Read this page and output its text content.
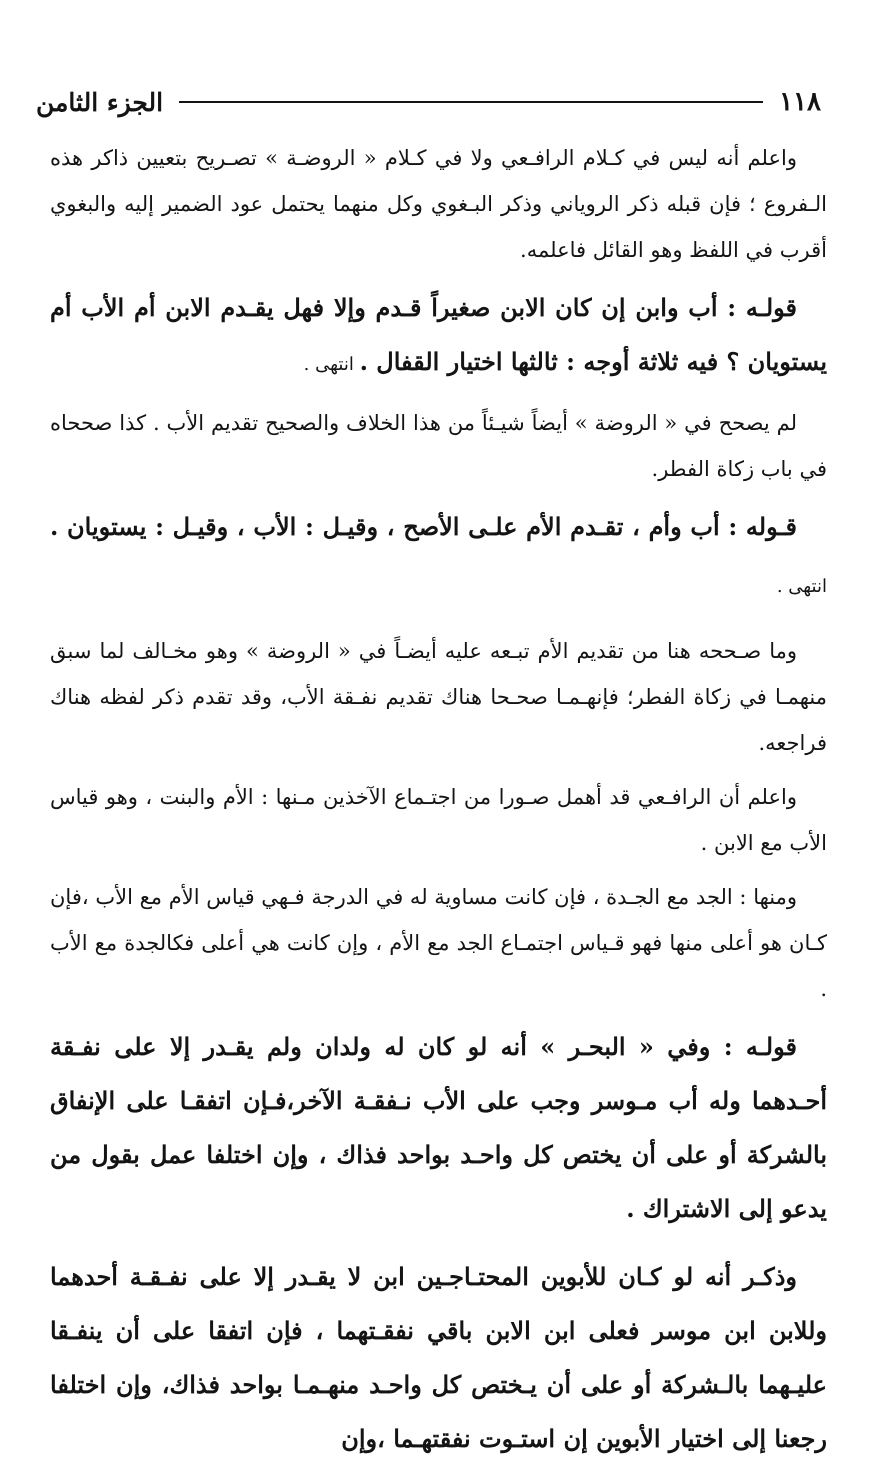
الجزء الثامن	١١٨

واعلم أنه ليس في كـلام الرافـعي ولا في كـلام « الروضـة » تصـريح بتعيين ذاكر هذه الـفروع ؛ فإن قبله ذكر الروياني وذكر البـغوي وكل منهما يحتمل عود الضمير إليه والبغوي أقرب في اللفظ وهو القائل فاعلمه.

قولـه : أب وابن إن كان الابن صغيراً قـدم وإلا فهل يقـدم الابن أم الأب أم يستويان ؟ فيه ثلاثة أوجه : ثالثها اختيار القفال . انتهى .

لم يصحح في « الروضة » أيضاً شيـئاً من هذا الخلاف والصحيح تقديم الأب . كذا صححاه في باب زكاة الفطر.

قـوله : أب وأم ، تقـدم الأم علـى الأصح ، وقيـل : الأب ، وقيـل : يستويان . انتهى .

وما صـححه هنا من تقديم الأم تبـعه عليه أيضـاً في « الروضة » وهو مخـالف لما سبق منهمـا في زكاة الفطر؛ فإنهـمـا صحـحا هناك تقديم نفـقة الأب، وقد تقدم ذكر لفظه هناك فراجعه.

واعلم أن الرافـعي قد أهمل صـورا من اجتـماع الآخذين مـنها : الأم والبنت ، وهو قياس الأب مع الابن .

ومنها : الجد مع الجـدة ، فإن كانت مساوية له في الدرجة فـهي قياس الأم مع الأب ،فإن كـان هو أعلى منها فهو قـياس اجتمـاع الجد مع الأم ، وإن كانت هي أعلى فكالجدة مع الأب .

قولـه : وفي « البحـر » أنه لو كان له ولدان ولم يقـدر إلا على نفـقة أحـدهما وله أب مـوسر وجب على الأب نـفقـة الآخر،فـإن اتفقـا على الإنفاق بالشركة أو على أن يختص كل واحـد بواحد فذاك ، وإن اختلفا عمل بقول من يدعو إلى الاشتراك .

وذكـر أنه لو كـان للأبوين المحتـاجـين ابن لا يقـدر إلا على نفـقـة أحدهما وللابن ابن موسر فعلى ابن الابن باقي نفقـتهما ، فإن اتفقا على أن ينفـقا عليـهما بالـشركة أو على أن يـختص كل واحـد منهـمـا بواحد فذاك، وإن اختلفا رجعنا إلى اختيار الأبوين إن استـوت نفقتهـما ،وإن
